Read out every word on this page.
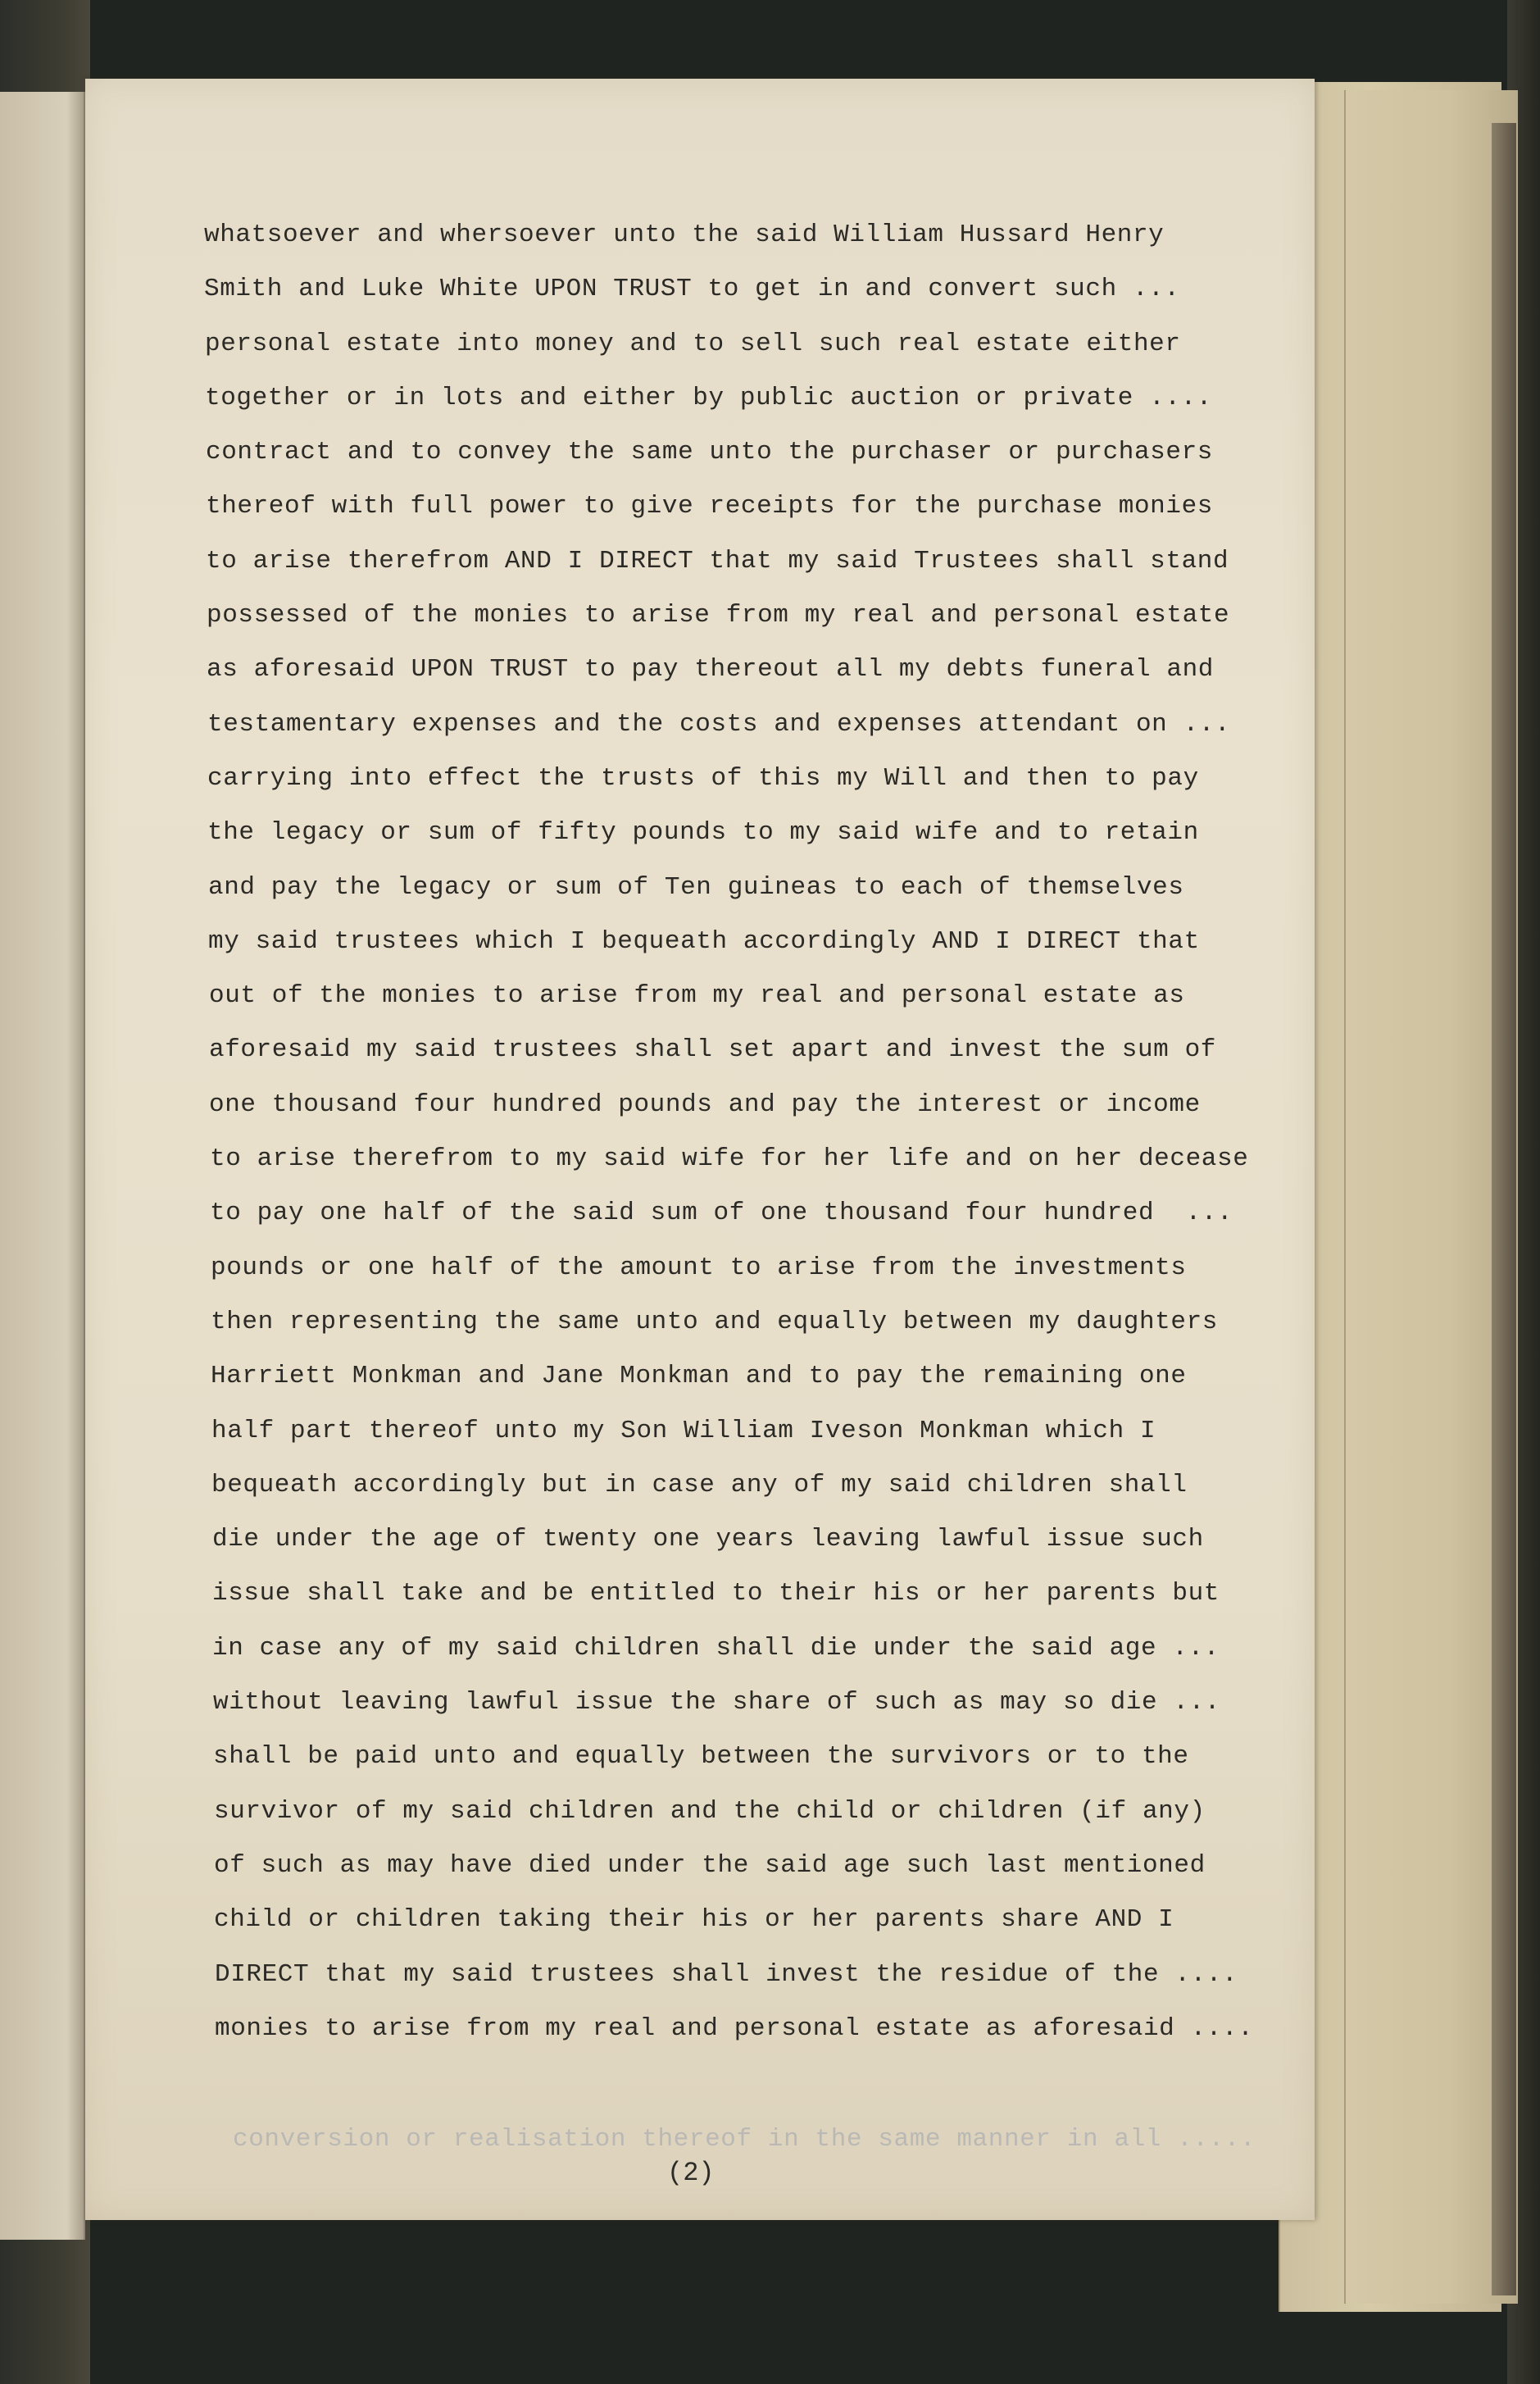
whatsoever and whersoever unto the said William Hussard Henry
Smith and Luke White UPON TRUST to get in and convert such ...
personal estate into money and to sell such real estate either
together or in lots and either by public auction or private ....
contract and to convey the same unto the purchaser or purchasers
thereof with full power to give receipts for the purchase monies
to arise therefrom AND I DIRECT that my said Trustees shall stand
possessed of the monies to arise from my real and personal estate
as aforesaid UPON TRUST to pay thereout all my debts funeral and
testamentary expenses and the costs and expenses attendant on ...
carrying into effect the trusts of this my Will and then to pay
the legacy or sum of fifty pounds to my said wife and to retain
and pay the legacy or sum of Ten guineas to each of themselves
my said trustees which I bequeath accordingly AND I DIRECT that
out of the monies to arise from my real and personal estate as
aforesaid my said trustees shall set apart and invest the sum of
one thousand four hundred pounds and pay the interest or income
to arise therefrom to my said wife for her life and on her decease
to pay one half of the said sum of one thousand four hundred  ...
pounds or one half of the amount to arise from the investments
then representing the same unto and equally between my daughters
Harriett Monkman and Jane Monkman and to pay the remaining one
half part thereof unto my Son William Iveson Monkman which I
bequeath accordingly but in case any of my said children shall
die under the age of twenty one years leaving lawful issue such
issue shall take and be entitled to their his or her parents but
in case any of my said children shall die under the said age ...
without leaving lawful issue the share of such as may so die ...
shall be paid unto and equally between the survivors or to the
survivor of my said children and the child or children (if any)
of such as may have died under the said age such last mentioned
child or children taking their his or her parents share AND I
DIRECT that my said trustees shall invest the residue of the ....
monies to arise from my real and personal estate as aforesaid ....
conversion or realisation thereof in the same manner in all .....
(2)
